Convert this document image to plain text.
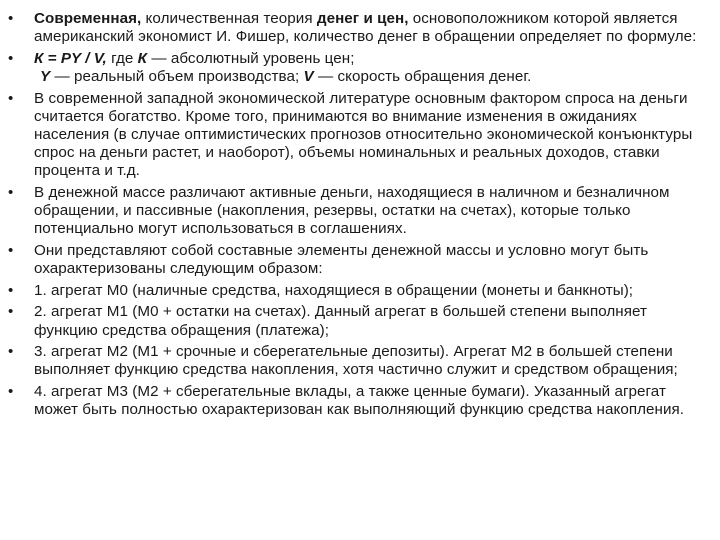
• Современная, количественная теория денег и цен, основоположником которой является американский экономист И. Фишер, количество денег в обращении определяет по формуле:
• К = PY / V, где К — абсолютный уровень цен;
Y — реальный объем производства; V — скорость обращения денег.
• В современной западной экономической литературе основным фактором спроса на деньги считается богатство. Кроме того, принимаются во внимание изменения в ожиданиях населения (в случае оптимистических прогнозов относительно экономической конъюнктуры спрос на деньги растет, и наоборот), объемы номинальных и реальных доходов, ставки процента и т.д.
• В денежной массе различают активные деньги, находящиеся в наличном и безналичном обращении, и пассивные (накопления, резервы, остатки на счетах), которые только потенциально могут использоваться в соглашениях.
• Они представляют собой составные элементы денежной массы и условно могут быть охарактеризованы следующим образом:
• 1. агрегат М0 (наличные средства, находящиеся в обращении (монеты и банкноты);
• 2. агрегат М1 (М0 + остатки на счетах). Данный агрегат в большей степени выполняет функцию средства обращения (платежа);
• 3. агрегат М2 (М1 + срочные и сберегательные депозиты). Агрегат М2 в большей степени выполняет функцию средства накопления, хотя частично служит и средством обращения;
• 4. агрегат М3 (М2 + сберегательные вклады, а также ценные бумаги). Указанный агрегат может быть полностью охарактеризован как выполняющий функцию средства накопления.
